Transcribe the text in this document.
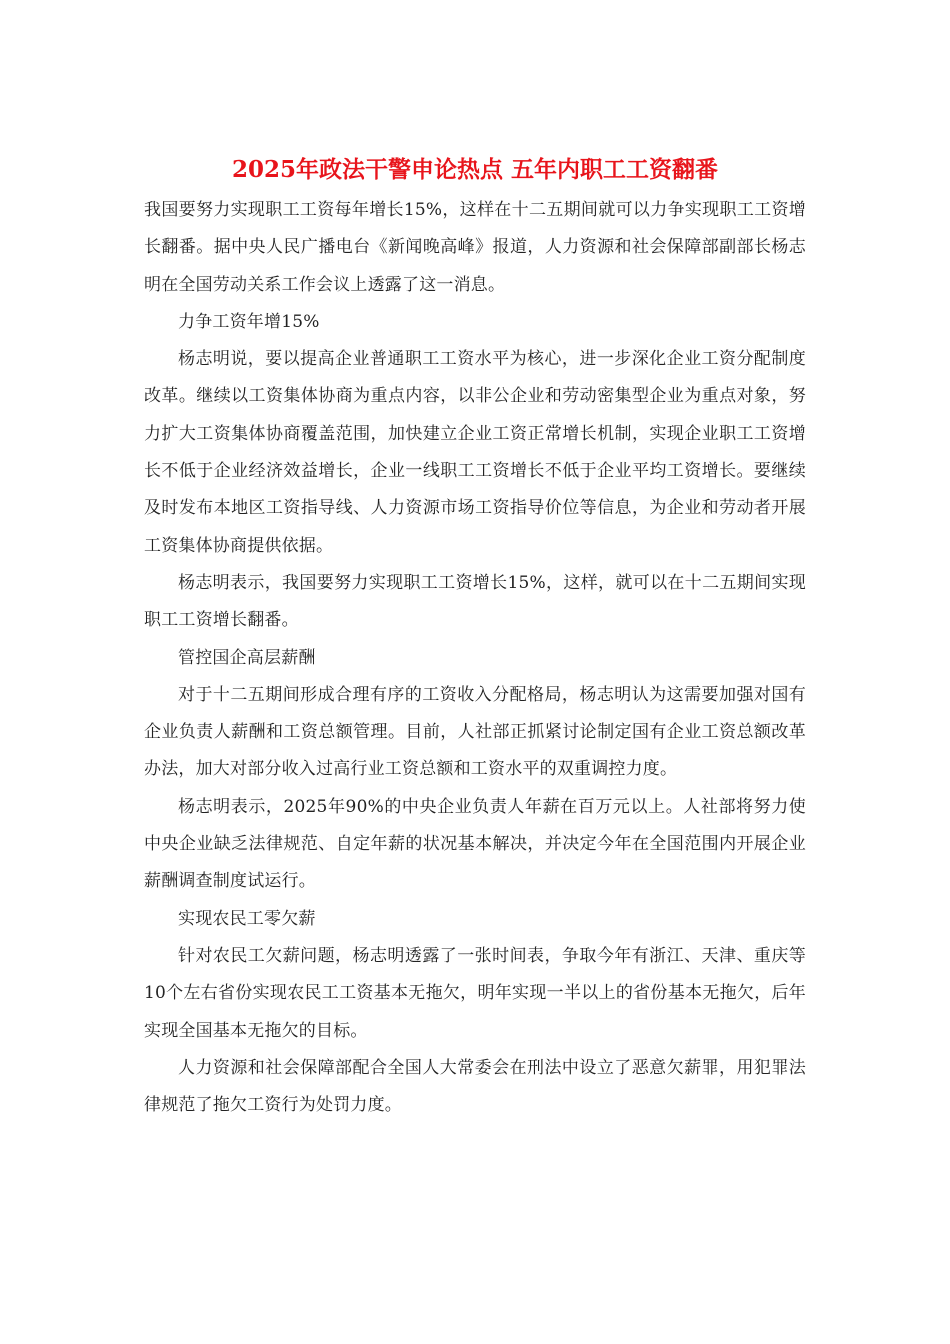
2025年政法干警申论热点 五年内职工工资翻番

我国要努力实现职工工资每年增长15%，这样在十二五期间就可以力争实现职工工资增长翻番。据中央人民广播电台《新闻晚高峰》报道，人力资源和社会保障部副部长杨志明在全国劳动关系工作会议上透露了这一消息。

力争工资年增15%

杨志明说，要以提高企业普通职工工资水平为核心，进一步深化企业工资分配制度改革。继续以工资集体协商为重点内容，以非公企业和劳动密集型企业为重点对象，努力扩大工资集体协商覆盖范围，加快建立企业工资正常增长机制，实现企业职工工资增长不低于企业经济效益增长，企业一线职工工资增长不低于企业平均工资增长。要继续及时发布本地区工资指导线、人力资源市场工资指导价位等信息，为企业和劳动者开展工资集体协商提供依据。

杨志明表示，我国要努力实现职工工资增长15%，这样，就可以在十二五期间实现职工工资增长翻番。

管控国企高层薪酬

对于十二五期间形成合理有序的工资收入分配格局，杨志明认为这需要加强对国有企业负责人薪酬和工资总额管理。目前，人社部正抓紧讨论制定国有企业工资总额改革办法，加大对部分收入过高行业工资总额和工资水平的双重调控力度。

杨志明表示，2025年90%的中央企业负责人年薪在百万元以上。人社部将努力使中央企业缺乏法律规范、自定年薪的状况基本解决，并决定今年在全国范围内开展企业薪酬调查制度试运行。

实现农民工零欠薪

针对农民工欠薪问题，杨志明透露了一张时间表，争取今年有浙江、天津、重庆等10个左右省份实现农民工工资基本无拖欠，明年实现一半以上的省份基本无拖欠，后年实现全国基本无拖欠的目标。

人力资源和社会保障部配合全国人大常委会在刑法中设立了恶意欠薪罪，用犯罪法律规范了拖欠工资行为处罚力度。
